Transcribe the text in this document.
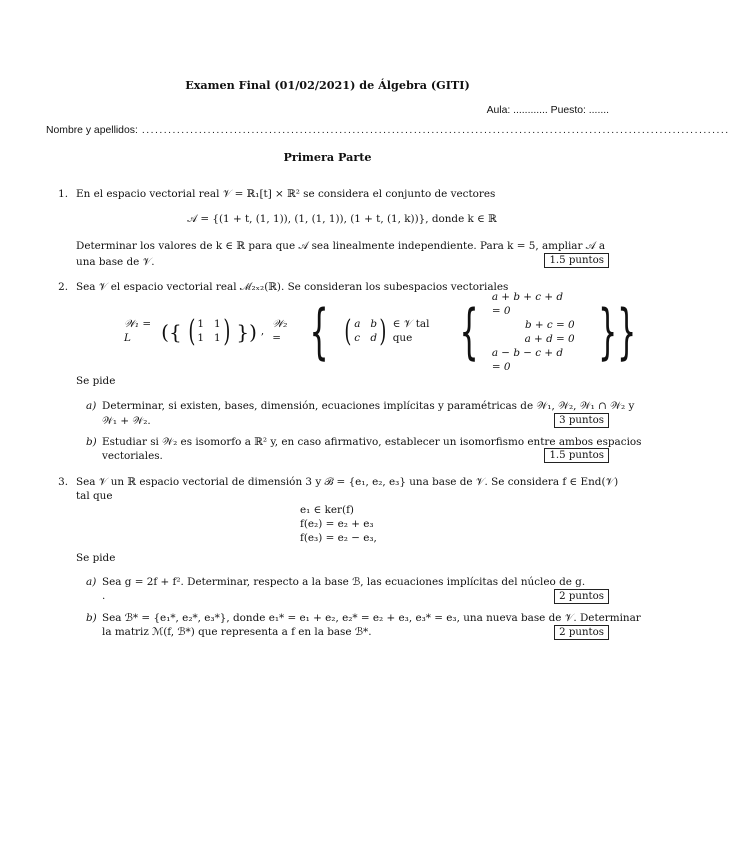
Examen Final (01/02/2021) de Álgebra (GITI)
Aula: ............ Puesto: .......
Nombre y apellidos: ......................................................................................................................................
Primera Parte
1. En el espacio vectorial real 𝒱 = ℝ₁[t] × ℝ² se considera el conjunto de vectores
𝒜 = {(1 + t, (1, 1)), (1, (1, 1)), (1 + t, (1, k))}, donde k ∈ ℝ
Determinar los valores de k ∈ ℝ para que 𝒜 sea linealmente independiente. Para k = 5, ampliar 𝒜 a
una base de 𝒱.	1.5 puntos
2. Sea 𝒱 el espacio vectorial real ℳ₂ₓ₂(ℝ). Se consideran los subespacios vectoriales
𝒲₁ = L	({ ( 1 1
1 1 ) }) ,
𝒲₂ = { ( a b
c d ) ∈ 𝒱 tal que { a + b + c + d = 0
b + c = 0
a + d = 0
a − b − c + d = 0	}}
Se pide
a) Determinar, si existen, bases, dimensión, ecuaciones implícitas y paramétricas de 𝒲₁, 𝒲₂, 𝒲₁ ∩ 𝒲₂ y
𝒲₁ + 𝒲₂.	3 puntos
b) Estudiar si 𝒲₂ es isomorfo a ℝ² y, en caso afirmativo, establecer un isomorfismo entre ambos espacios
vectoriales.	1.5 puntos
3. Sea 𝒱 un ℝ espacio vectorial de dimensión 3 y ℬ = {e₁, e₂, e₃} una base de 𝒱. Se considera f ∈ End(𝒱)
tal que
e₁ ∈ ker(f)
f(e₂) = e₂ + e₃
f(e₃) = e₂ − e₃,
Se pide
a) Sea g = 2f + f². Determinar, respecto a la base ℬ, las ecuaciones implícitas del núcleo de g.
.	2 puntos
b) Sea ℬ* = {e₁*, e₂*, e₃*}, donde e₁* = e₁ + e₂, e₂* = e₂ + e₃, e₃* = e₃, una nueva base de 𝒱. Determinar
la matriz ℳ(f, ℬ*) que representa a f en la base ℬ*.	2 puntos
